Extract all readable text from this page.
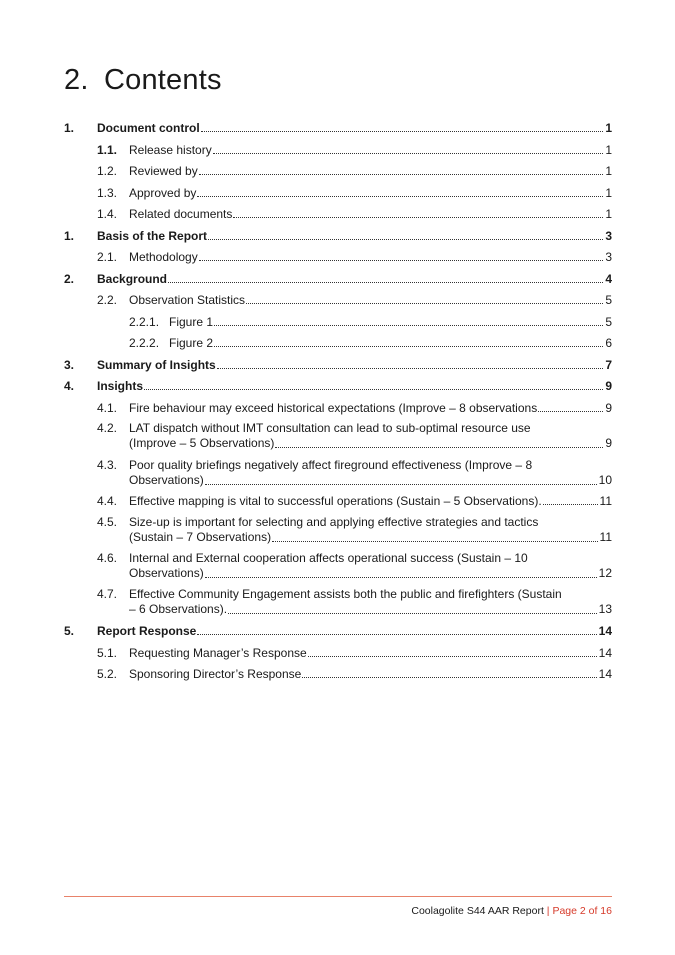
2. Contents
1.	Document control	1
1.1. Release history	1
1.2. Reviewed by	1
1.3. Approved by	1
1.4. Related documents	1
1.	Basis of the Report	3
2.1. Methodology	3
2.	Background	4
2.2. Observation Statistics	5
2.2.1. Figure 1	5
2.2.2. Figure 2	6
3.	Summary of Insights	7
4.	Insights	9
4.1. Fire behaviour may exceed historical expectations (Improve – 8 observations	9
4.2. LAT dispatch without IMT consultation can lead to sub-optimal resource use
(Improve – 5 Observations)	9
4.3. Poor quality briefings negatively affect fireground effectiveness (Improve – 8
Observations)	10
4.4. Effective mapping is vital to successful operations (Sustain – 5 Observations).	11
4.5. Size-up is important for selecting and applying effective strategies and tactics
(Sustain – 7 Observations)	11
4.6. Internal and External cooperation affects operational success (Sustain – 10
Observations)	12
4.7. Effective Community Engagement assists both the public and firefighters (Sustain
– 6 Observations).	13
5.	Report Response	14
5.1. Requesting Manager’s Response	14
5.2. Sponsoring Director’s Response	14
Coolagolite S44 AAR Report | Page 2 of 16
